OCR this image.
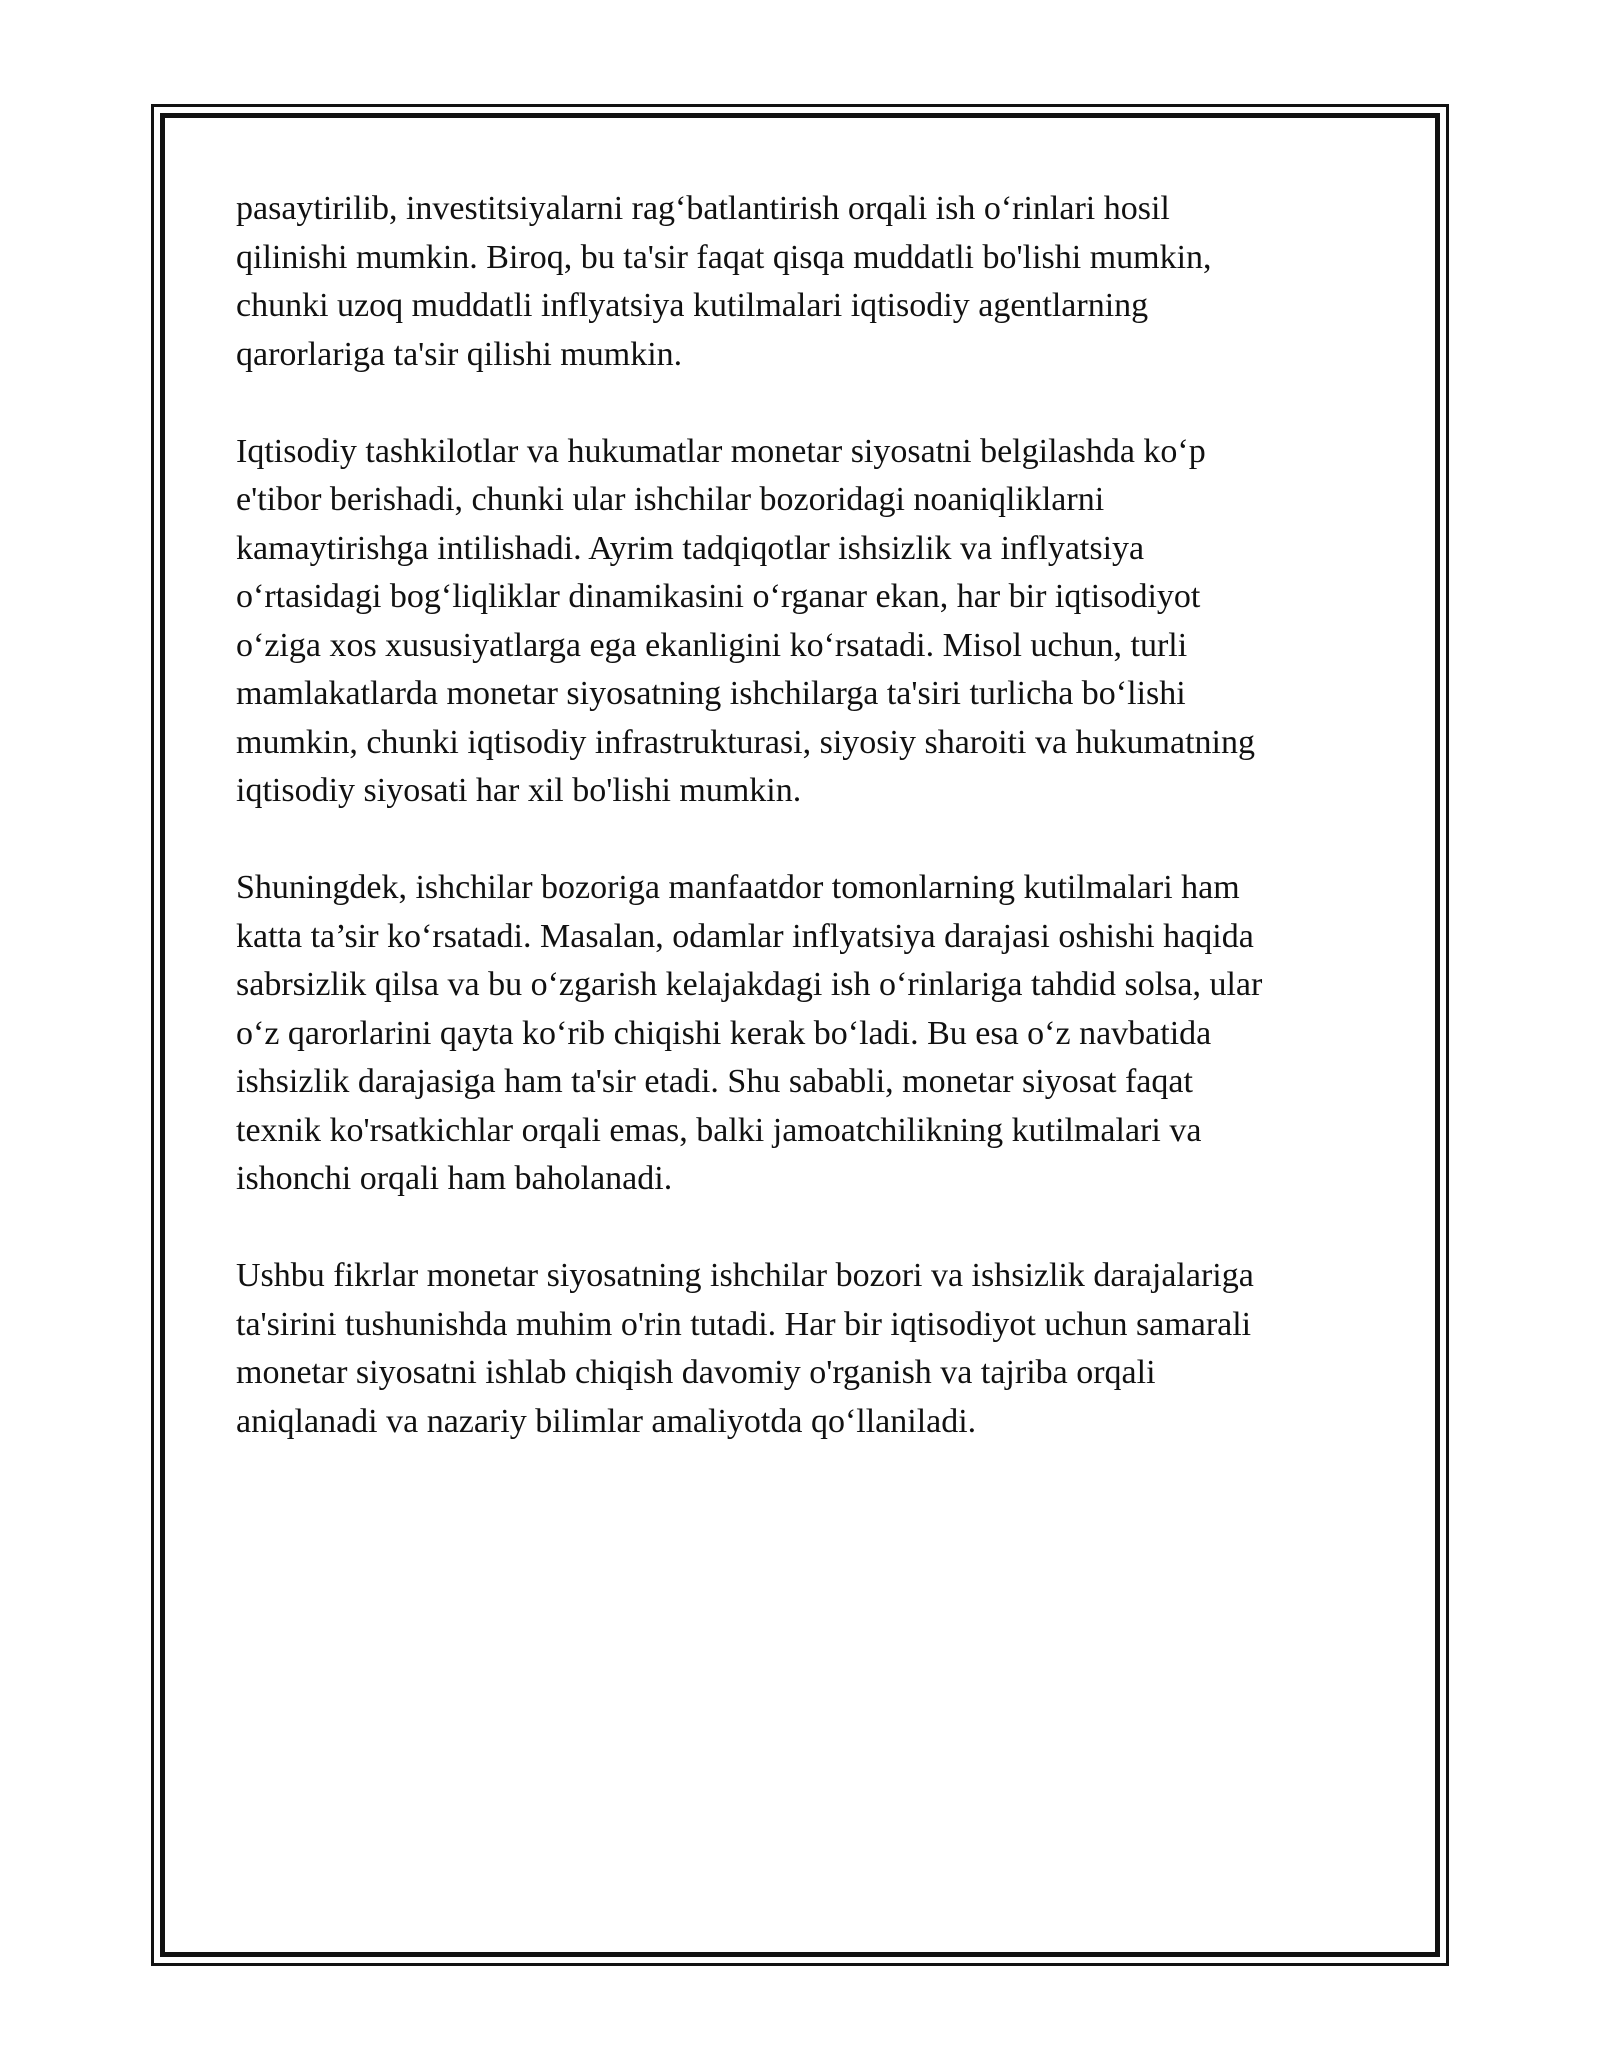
pasaytirilib, investitsiyalarni rag‘batlantirish orqali ish o‘rinlari hosil
qilinishi mumkin. Biroq, bu ta'sir faqat qisqa muddatli bo'lishi mumkin,
chunki uzoq muddatli inflyatsiya kutilmalari iqtisodiy agentlarning
qarorlariga ta'sir qilishi mumkin.

Iqtisodiy tashkilotlar va hukumatlar monetar siyosatni belgilashda ko‘p
e'tibor berishadi, chunki ular ishchilar bozoridagi noaniqliklarni
kamaytirishga intilishadi. Ayrim tadqiqotlar ishsizlik va inflyatsiya
o‘rtasidagi bog‘liqliklar dinamikasini o‘rganar ekan, har bir iqtisodiyot
o‘ziga xos xususiyatlarga ega ekanligini ko‘rsatadi. Misol uchun, turli
mamlakatlarda monetar siyosatning ishchilarga ta'siri turlicha bo‘lishi
mumkin, chunki iqtisodiy infrastrukturasi, siyosiy sharoiti va hukumatning
iqtisodiy siyosati har xil bo'lishi mumkin.

Shuningdek, ishchilar bozoriga manfaatdor tomonlarning kutilmalari ham
katta ta’sir ko‘rsatadi. Masalan, odamlar inflyatsiya darajasi oshishi haqida
sabrsizlik qilsa va bu o‘zgarish kelajakdagi ish o‘rinlariga tahdid solsa, ular
o‘z qarorlarini qayta ko‘rib chiqishi kerak bo‘ladi. Bu esa o‘z navbatida
ishsizlik darajasiga ham ta'sir etadi. Shu sababli, monetar siyosat faqat
texnik ko'rsatkichlar orqali emas, balki jamoatchilikning kutilmalari va
ishonchi orqali ham baholanadi.

Ushbu fikrlar monetar siyosatning ishchilar bozori va ishsizlik darajalariga
ta'sirini tushunishda muhim o'rin tutadi. Har bir iqtisodiyot uchun samarali
monetar siyosatni ishlab chiqish davomiy o'rganish va tajriba orqali
aniqlanadi va nazariy bilimlar amaliyotda qo‘llaniladi.
